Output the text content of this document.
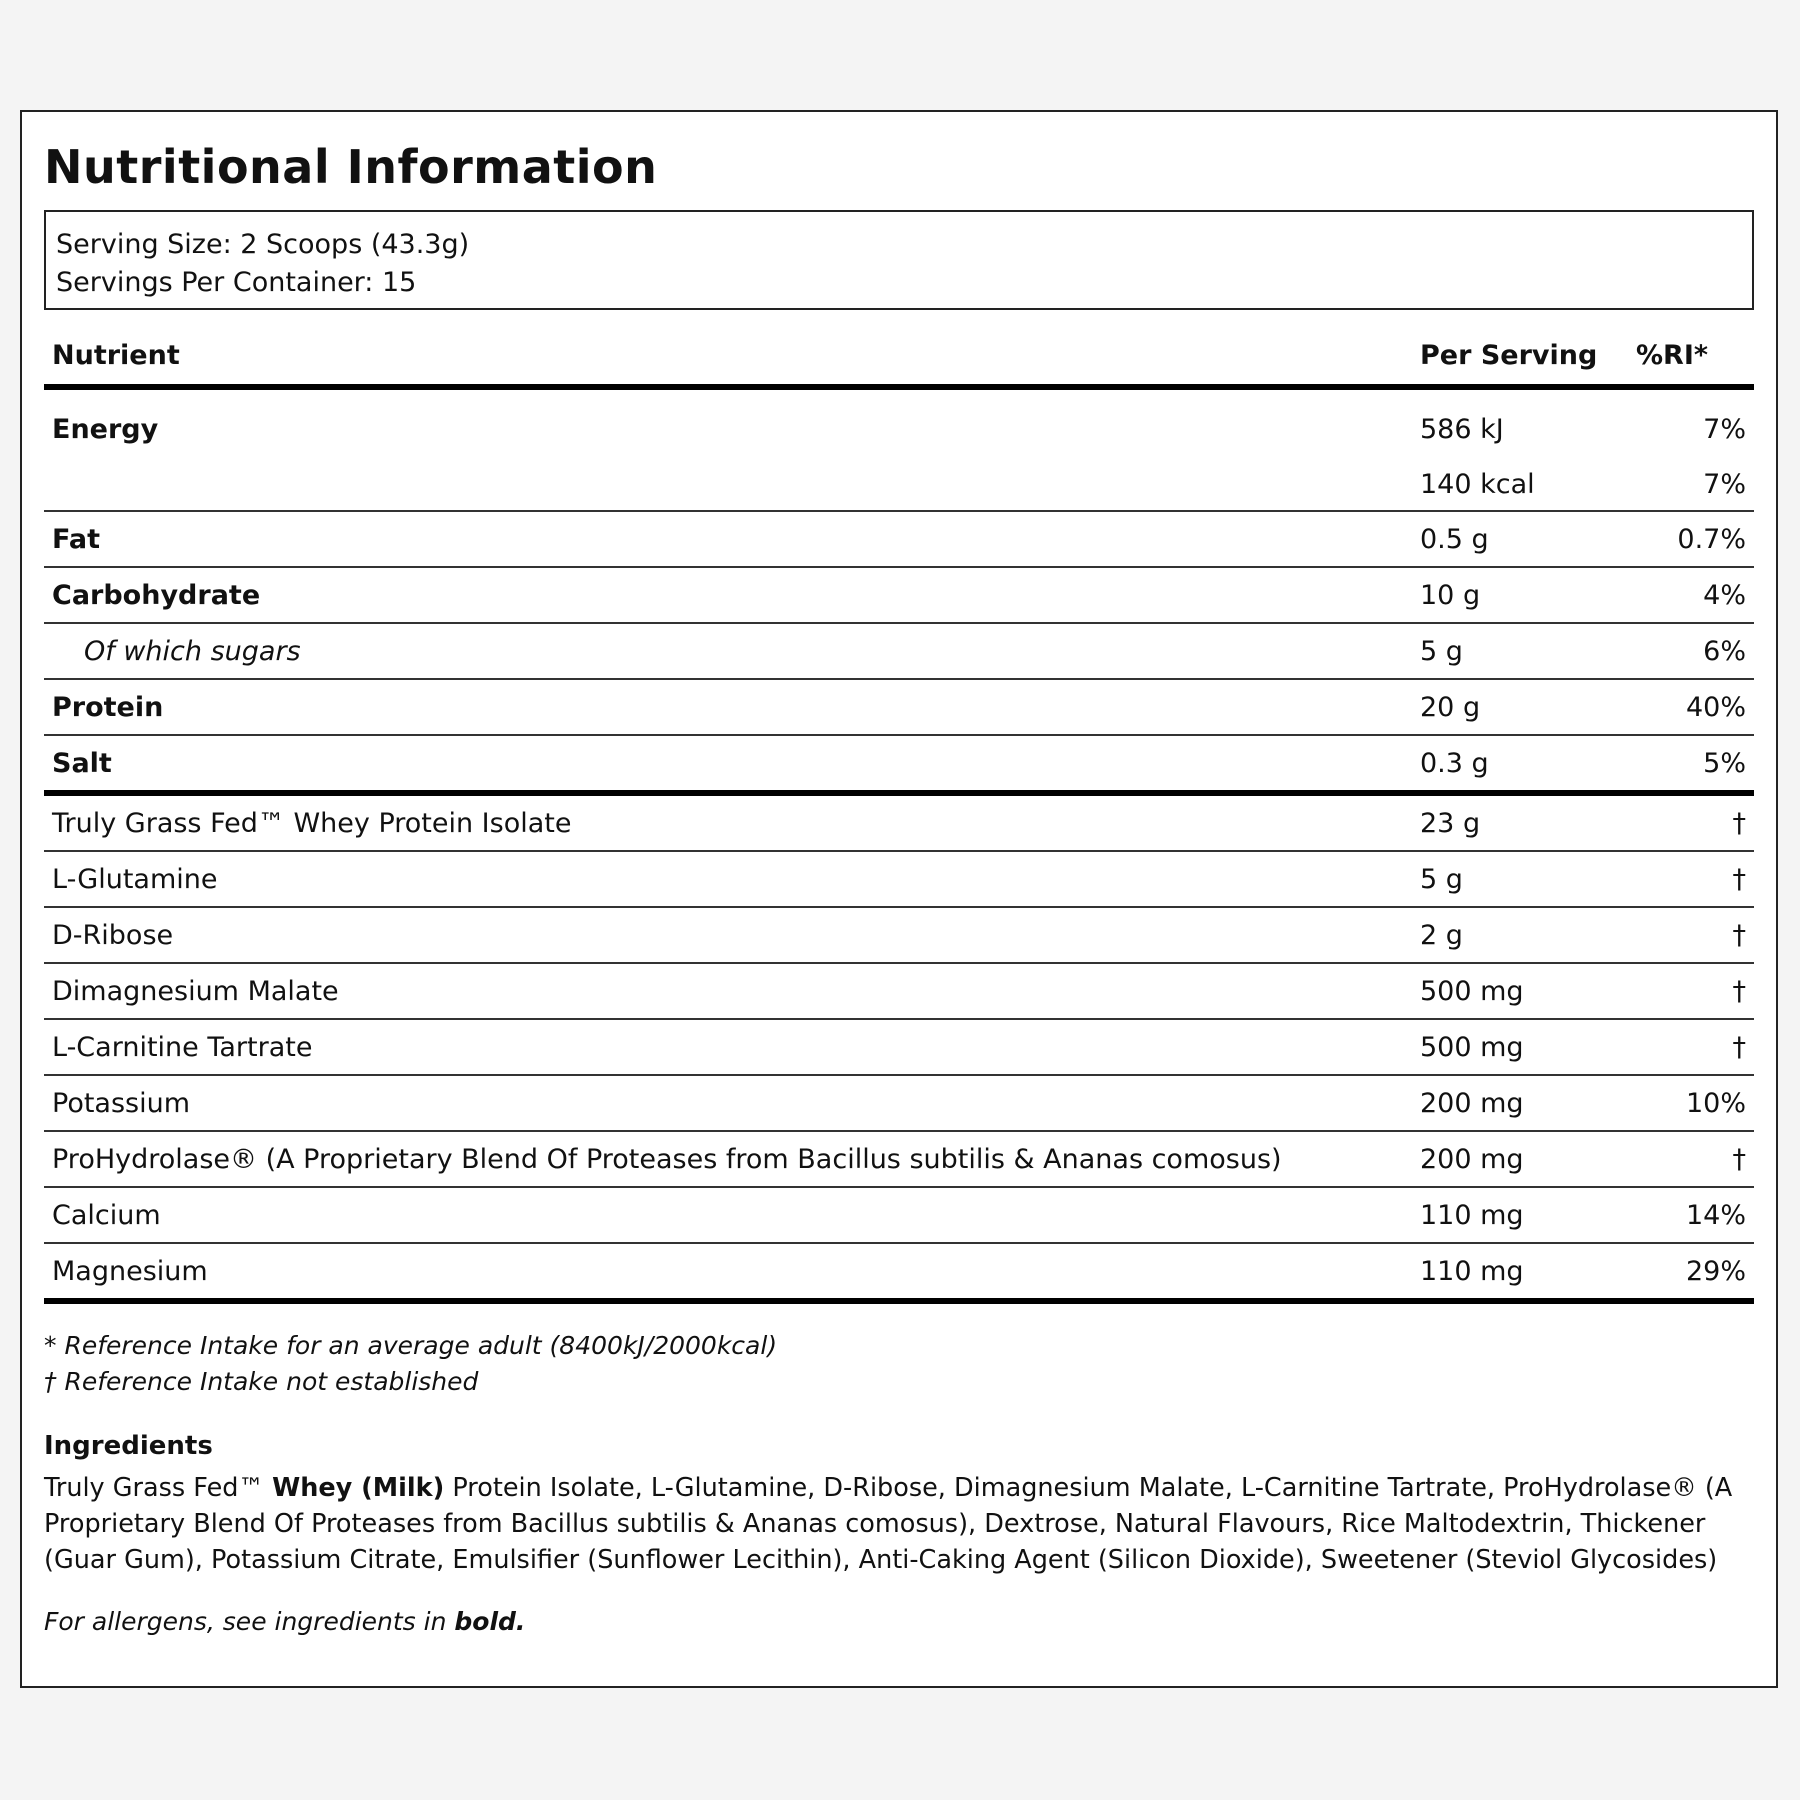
Nutritional Information
Serving Size: 2 Scoops (43.3g)
Servings Per Container: 15
Nutrient	Per Serving	%RI*
Energy	586 kJ	7%
	140 kcal	7%
Fat	0.5 g	0.7%
Carbohydrate	10 g	4%
Of which sugars	5 g	6%
Protein	20 g	40%
Salt	0.3 g	5%
Truly Grass Fed™ Whey Protein Isolate	23 g	†
L-Glutamine	5 g	†
D-Ribose	2 g	†
Dimagnesium Malate	500 mg	†
L-Carnitine Tartrate	500 mg	†
Potassium	200 mg	10%
ProHydrolase® (A Proprietary Blend Of Proteases from Bacillus subtilis & Ananas comosus)	200 mg	†
Calcium	110 mg	14%
Magnesium	110 mg	29%
* Reference Intake for an average adult (8400kJ/2000kcal)
† Reference Intake not established
Ingredients
Truly Grass Fed™ Whey (Milk) Protein Isolate, L-Glutamine, D-Ribose, Dimagnesium Malate, L-Carnitine Tartrate, ProHydrolase® (A Proprietary Blend Of Proteases from Bacillus subtilis & Ananas comosus), Dextrose, Natural Flavours, Rice Maltodextrin, Thickener (Guar Gum), Potassium Citrate, Emulsifier (Sunflower Lecithin), Anti-Caking Agent (Silicon Dioxide), Sweetener (Steviol Glycosides)
For allergens, see ingredients in bold.
